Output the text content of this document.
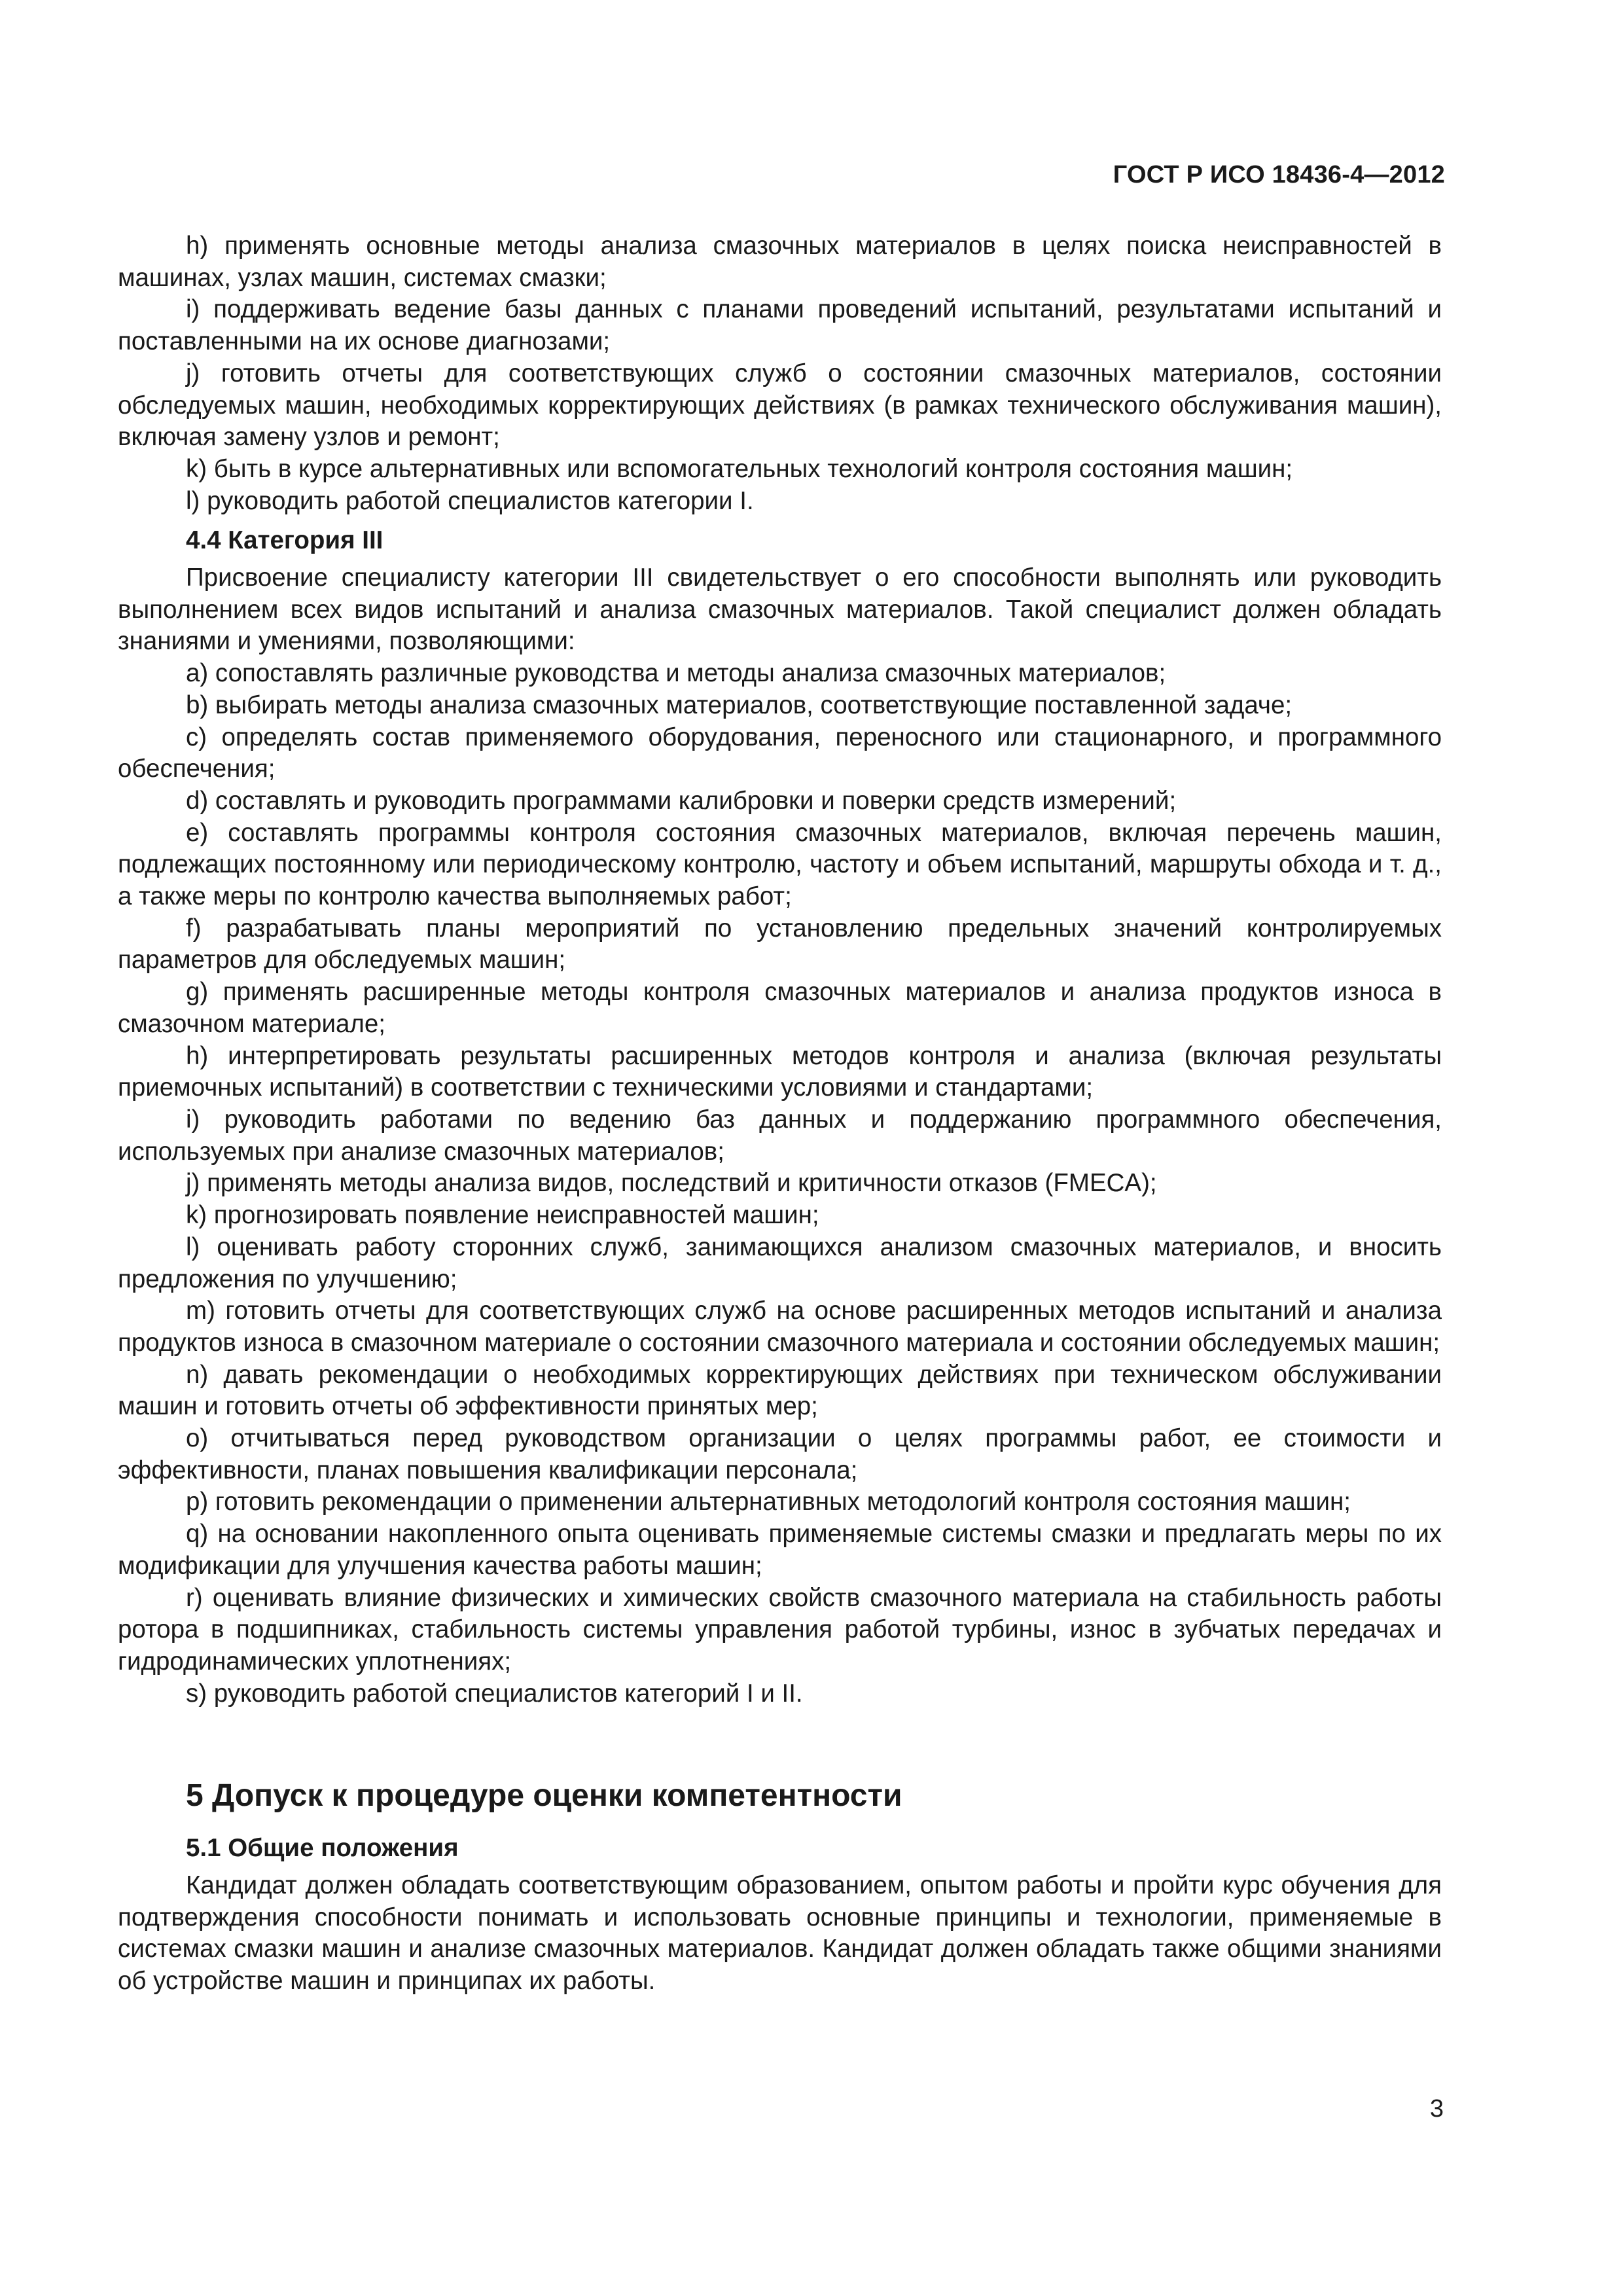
ГОСТ Р ИСО 18436-4—2012

h) применять основные методы анализа смазочных материалов в целях поиска неисправностей в машинах, узлах машин, системах смазки;

i) поддерживать ведение базы данных с планами проведений испытаний, результатами испытаний и поставленными на их основе диагнозами;

j) готовить отчеты для соответствующих служб о состоянии смазочных материалов, состоянии обследуемых машин, необходимых корректирующих действиях (в рамках технического обслуживания машин), включая замену узлов и ремонт;

k) быть в курсе альтернативных или вспомогательных технологий контроля состояния машин;

l) руководить работой специалистов категории I.

4.4 Категория III

Присвоение специалисту категории III свидетельствует о его способности выполнять или руководить выполнением всех видов испытаний и анализа смазочных материалов. Такой специалист должен обладать знаниями и умениями, позволяющими:

a) сопоставлять различные руководства и методы анализа смазочных материалов;

b) выбирать методы анализа смазочных материалов, соответствующие поставленной задаче;

c) определять состав применяемого оборудования, переносного или стационарного, и программного обеспечения;

d) составлять и руководить программами калибровки и поверки средств измерений;

e) составлять программы контроля состояния смазочных материалов, включая перечень машин, подлежащих постоянному или периодическому контролю, частоту и объем испытаний, маршруты обхода и т. д., а также меры по контролю качества выполняемых работ;

f) разрабатывать планы мероприятий по установлению предельных значений контролируемых параметров для обследуемых машин;

g) применять расширенные методы контроля смазочных материалов и анализа продуктов износа в смазочном материале;

h) интерпретировать результаты расширенных методов контроля и анализа (включая результаты приемочных испытаний) в соответствии с техническими условиями и стандартами;

i) руководить работами по ведению баз данных и поддержанию программного обеспечения, используемых при анализе смазочных материалов;

j) применять методы анализа видов, последствий и критичности отказов (FMECA);

k) прогнозировать появление неисправностей машин;

l) оценивать работу сторонних служб, занимающихся анализом смазочных материалов, и вносить предложения по улучшению;

m) готовить отчеты для соответствующих служб на основе расширенных методов испытаний и анализа продуктов износа в смазочном материале о состоянии смазочного материала и состоянии обследуемых машин;

n) давать рекомендации о необходимых корректирующих действиях при техническом обслуживании машин и готовить отчеты об эффективности принятых мер;

o) отчитываться перед руководством организации о целях программы работ, ее стоимости и эффективности, планах повышения квалификации персонала;

p) готовить рекомендации о применении альтернативных методологий контроля состояния машин;

q) на основании накопленного опыта оценивать применяемые системы смазки и предлагать меры по их модификации для улучшения качества работы машин;

r) оценивать влияние физических и химических свойств смазочного материала на стабильность работы ротора в подшипниках, стабильность системы управления работой турбины, износ в зубчатых передачах и гидродинамических уплотнениях;

s) руководить работой специалистов категорий I и II.

5 Допуск к процедуре оценки компетентности
5.1 Общие положения

Кандидат должен обладать соответствующим образованием, опытом работы и пройти курс обучения для подтверждения способности понимать и использовать основные принципы и технологии, применяемые в системах смазки машин и анализе смазочных материалов. Кандидат должен обладать также общими знаниями об устройстве машин и принципах их работы.

3
